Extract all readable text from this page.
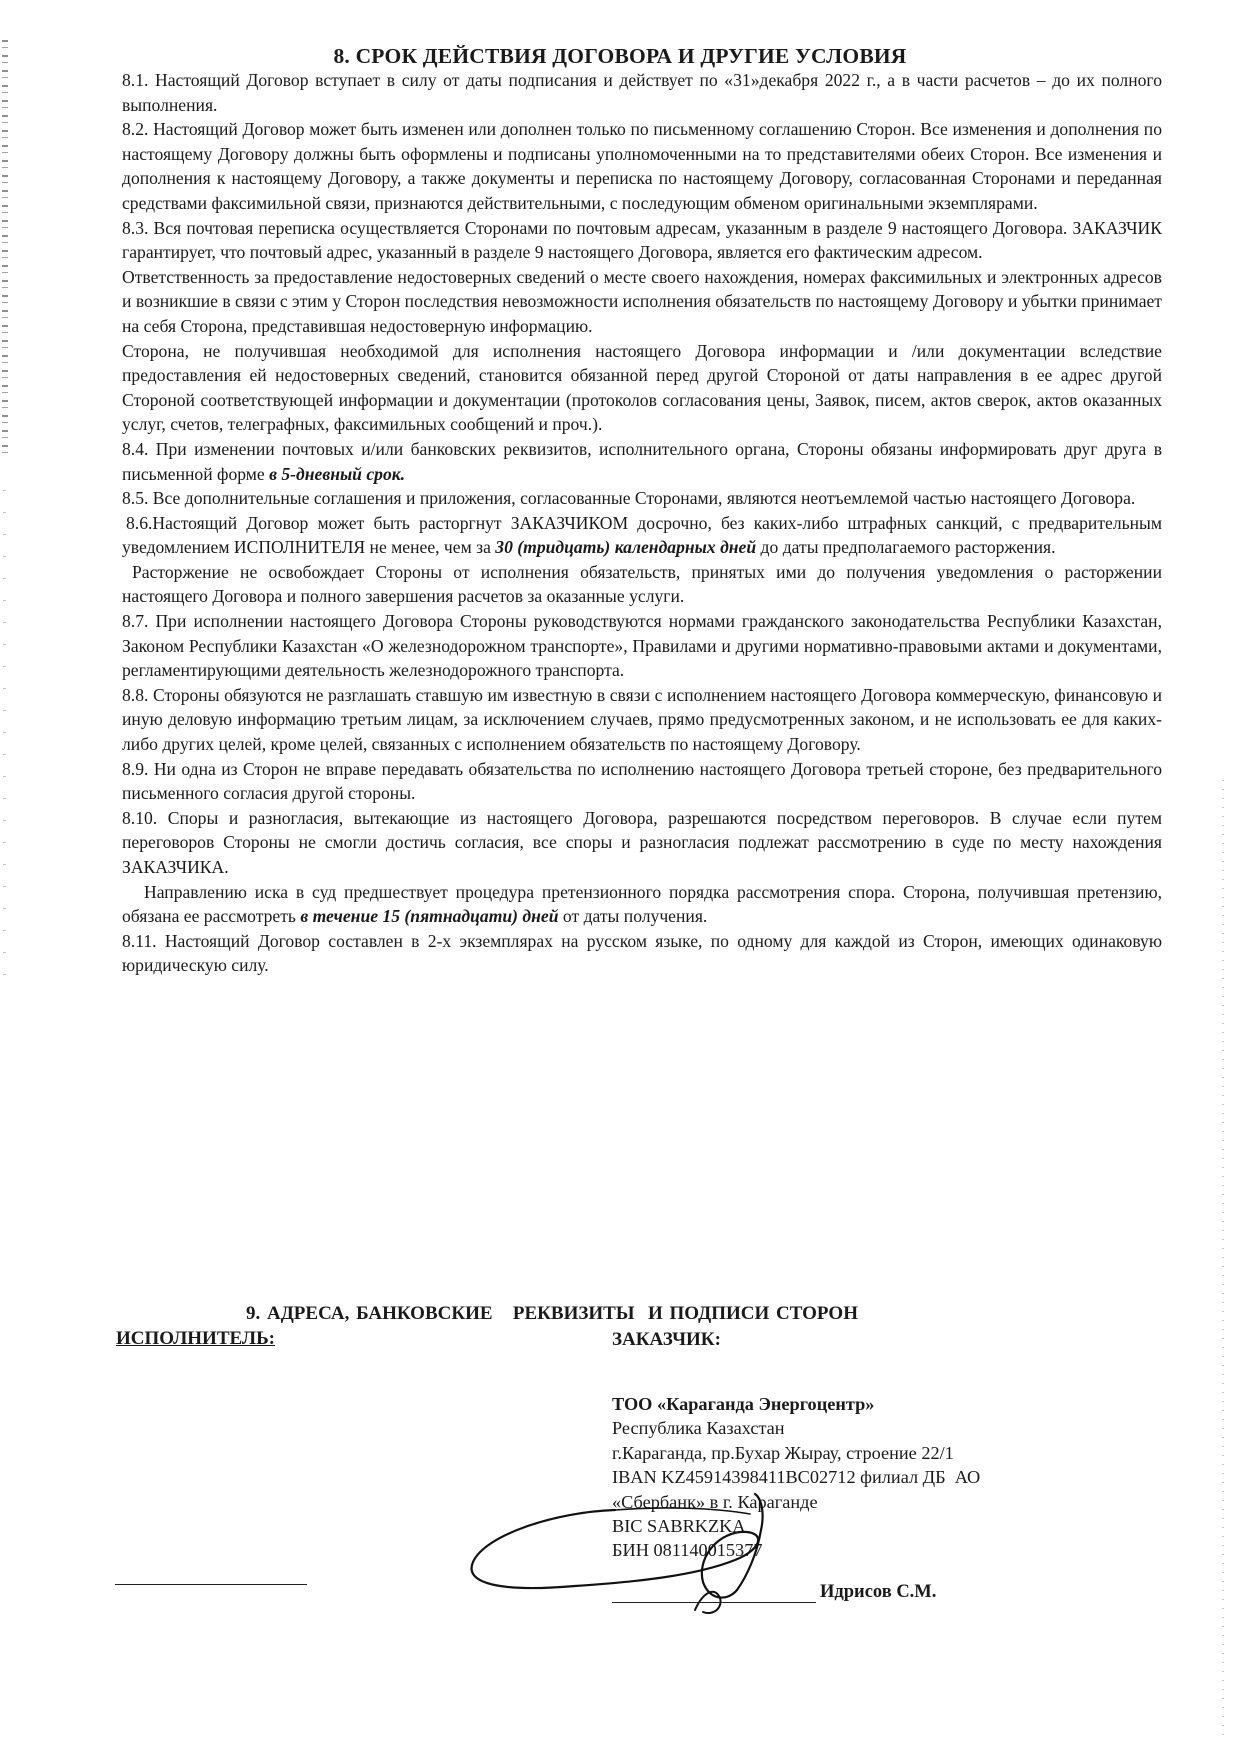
8. СРОК ДЕЙСТВИЯ ДОГОВОРА И ДРУГИЕ УСЛОВИЯ

8.1. Настоящий Договор вступает в силу от даты подписания и действует по «31»декабря 2022 г., а в части расчетов – до их полного выполнения.

8.2. Настоящий Договор может быть изменен или дополнен только по письменному соглашению Сторон. Все изменения и дополнения по настоящему Договору должны быть оформлены и подписаны уполномоченными на то представителями обеих Сторон. Все изменения и дополнения к настоящему Договору, а также документы и переписка по настоящему Договору, согласованная Сторонами и переданная средствами факсимильной связи, признаются действительными, с последующим обменом оригинальными экземплярами.

8.3. Вся почтовая переписка осуществляется Сторонами по почтовым адресам, указанным в разделе 9 настоящего Договора. ЗАКАЗЧИК гарантирует, что почтовый адрес, указанный в разделе 9 настоящего Договора, является его фактическим адресом.

Ответственность за предоставление недостоверных сведений о месте своего нахождения, номерах факсимильных и электронных адресов и возникшие в связи с этим у Сторон последствия невозможности исполнения обязательств по настоящему Договору и убытки принимает на себя Сторона, представившая недостоверную информацию.

Сторона, не получившая необходимой для исполнения настоящего Договора информации и /или документации вследствие предоставления ей недостоверных сведений, становится обязанной перед другой Стороной от даты направления в ее адрес другой Стороной соответствующей информации и документации (протоколов согласования цены, Заявок, писем, актов сверок, актов оказанных услуг, счетов, телеграфных, факсимильных сообщений и проч.).

8.4. При изменении почтовых и/или банковских реквизитов, исполнительного органа, Стороны обязаны информировать друг друга в письменной форме в 5-дневный срок.

8.5. Все дополнительные соглашения и приложения, согласованные Сторонами, являются неотъемлемой частью настоящего Договора.

8.6.Настоящий Договор может быть расторгнут ЗАКАЗЧИКОМ досрочно, без каких-либо штрафных санкций, с предварительным уведомлением ИСПОЛНИТЕЛЯ не менее, чем за 30 (тридцать) календарных дней до даты предполагаемого расторжения.

Расторжение не освобождает Стороны от исполнения обязательств, принятых ими до получения уведомления о расторжении настоящего Договора и полного завершения расчетов за оказанные услуги.

8.7. При исполнении настоящего Договора Стороны руководствуются нормами гражданского законодательства Республики Казахстан, Законом Республики Казахстан «О железнодорожном транспорте», Правилами и другими нормативно-правовыми актами и документами, регламентирующими деятельность железнодорожного транспорта.

8.8. Стороны обязуются не разглашать ставшую им известную в связи с исполнением настоящего Договора коммерческую, финансовую и иную деловую информацию третьим лицам, за исключением случаев, прямо предусмотренных законом, и не использовать ее для каких-либо других целей, кроме целей, связанных с исполнением обязательств по настоящему Договору.

8.9. Ни одна из Сторон не вправе передавать обязательства по исполнению настоящего Договора третьей стороне, без предварительного письменного согласия другой стороны.

8.10. Споры и разногласия, вытекающие из настоящего Договора, разрешаются посредством переговоров. В случае если путем переговоров Стороны не смогли достичь согласия, все споры и разногласия подлежат рассмотрению в суде по месту нахождения ЗАКАЗЧИКА.

Направлению иска в суд предшествует процедура претензионного порядка рассмотрения спора. Сторона, получившая претензию, обязана ее рассмотреть в течение 15 (пятнадцати) дней от даты получения.

8.11. Настоящий Договор составлен в 2-х экземплярах на русском языке, по одному для каждой из Сторон, имеющих одинаковую юридическую силу.

9. АДРЕСА, БАНКОВСКИЕ   РЕКВИЗИТЫ  И ПОДПИСИ СТОРОН
ИСПОЛНИТЕЛЬ:	ЗАКАЗЧИК:
ТОО «Караганда Энергоцентр»
Республика Казахстан
г.Караганда, пр.Бухар Жырау, строение 22/1
IBAN KZ45914398411BC02712 филиал ДБ  АО
«Сбербанк» в г. Караганде
BIC SABRKZKA
БИН 081140015377
Идрисов С.М.
